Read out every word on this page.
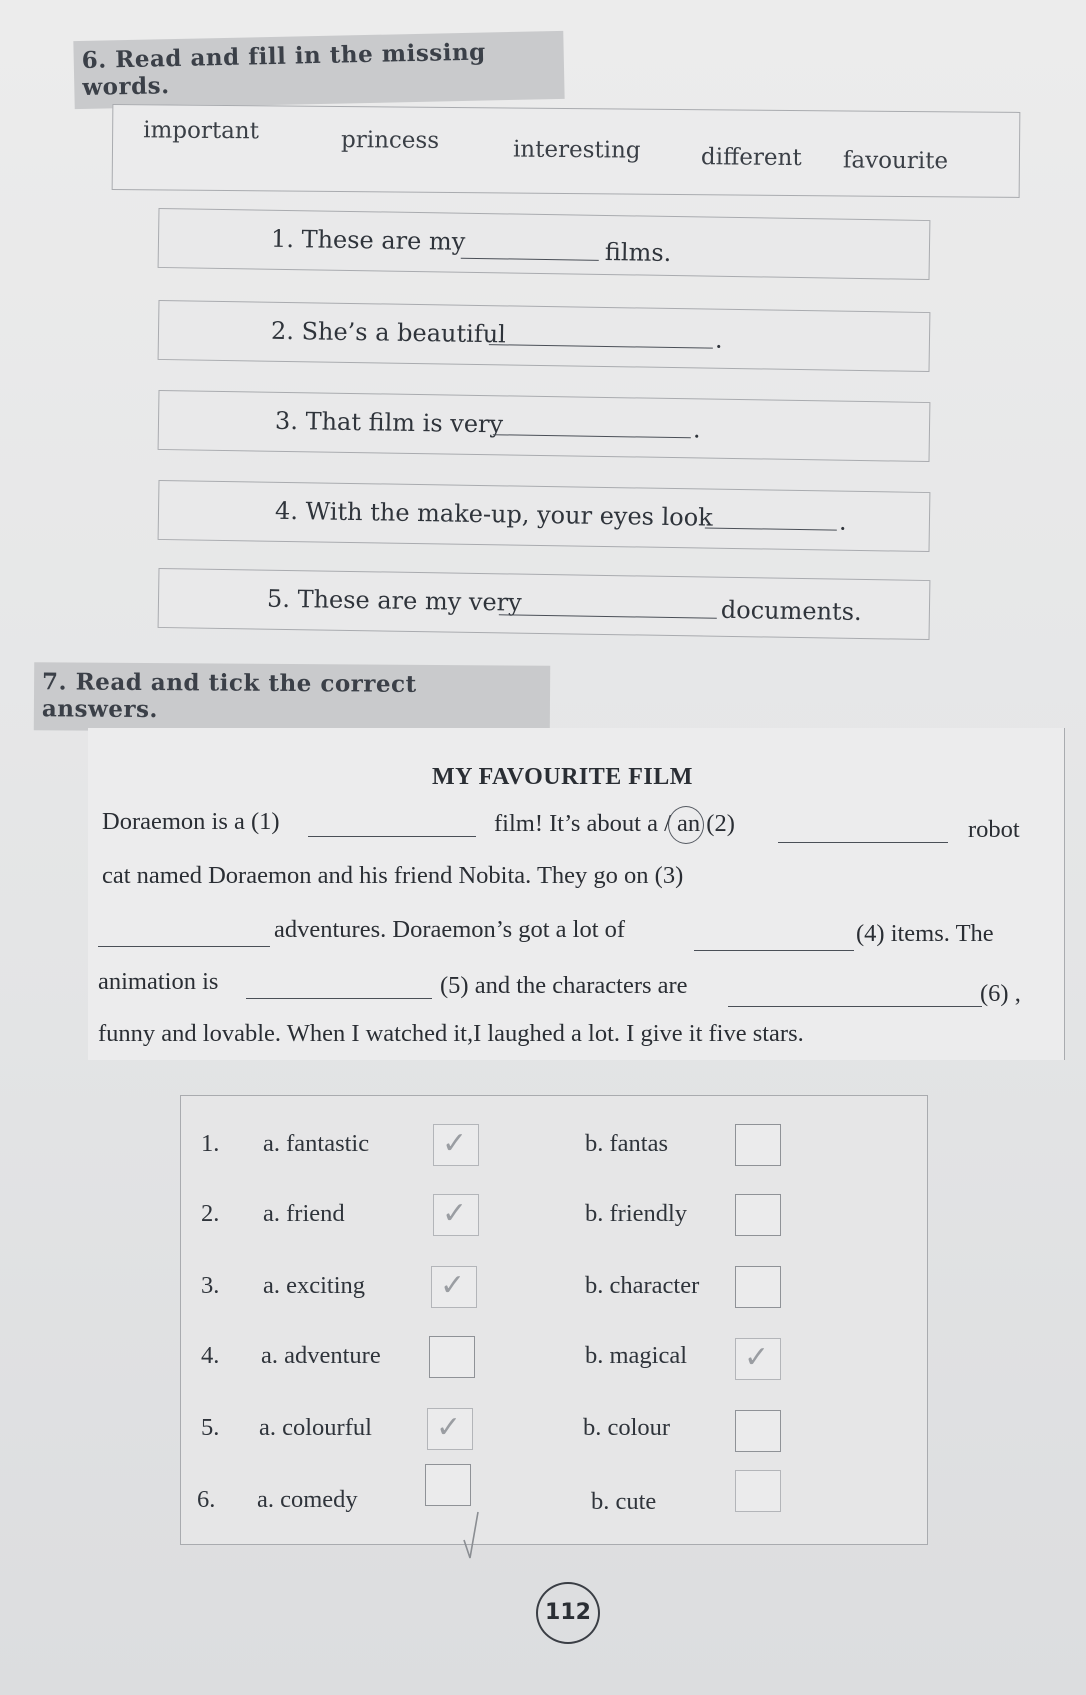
6. Read and fill in the missing words.
important	princess	interesting	different favourite
1. These are my	films.
2. She’s a beautiful	.
3. That film is very	.
4. With the make-up, your eyes look	.
5. These are my very	documents.
7. Read and tick the correct answers.
MY FAVOURITE FILM
Doraemon is a (1)	film! It’s about a / an (2)	robot
cat named Doraemon and his friend Nobita. They go on (3)
adventures. Doraemon’s got a lot of	(4) items. The
animation is	(5) and the characters are	(6) ,
funny and lovable. When I watched it,I laughed a lot. I give it five stars.
1. a. fantastic ✓	b. fantas
2. a. friend	✓	b. friendly
3. a. exciting ✓	b. character
4. a. adventure	b. magical ✓
5. a. colourful ✓	b. colour
6. a. comedy	b. cute
112
